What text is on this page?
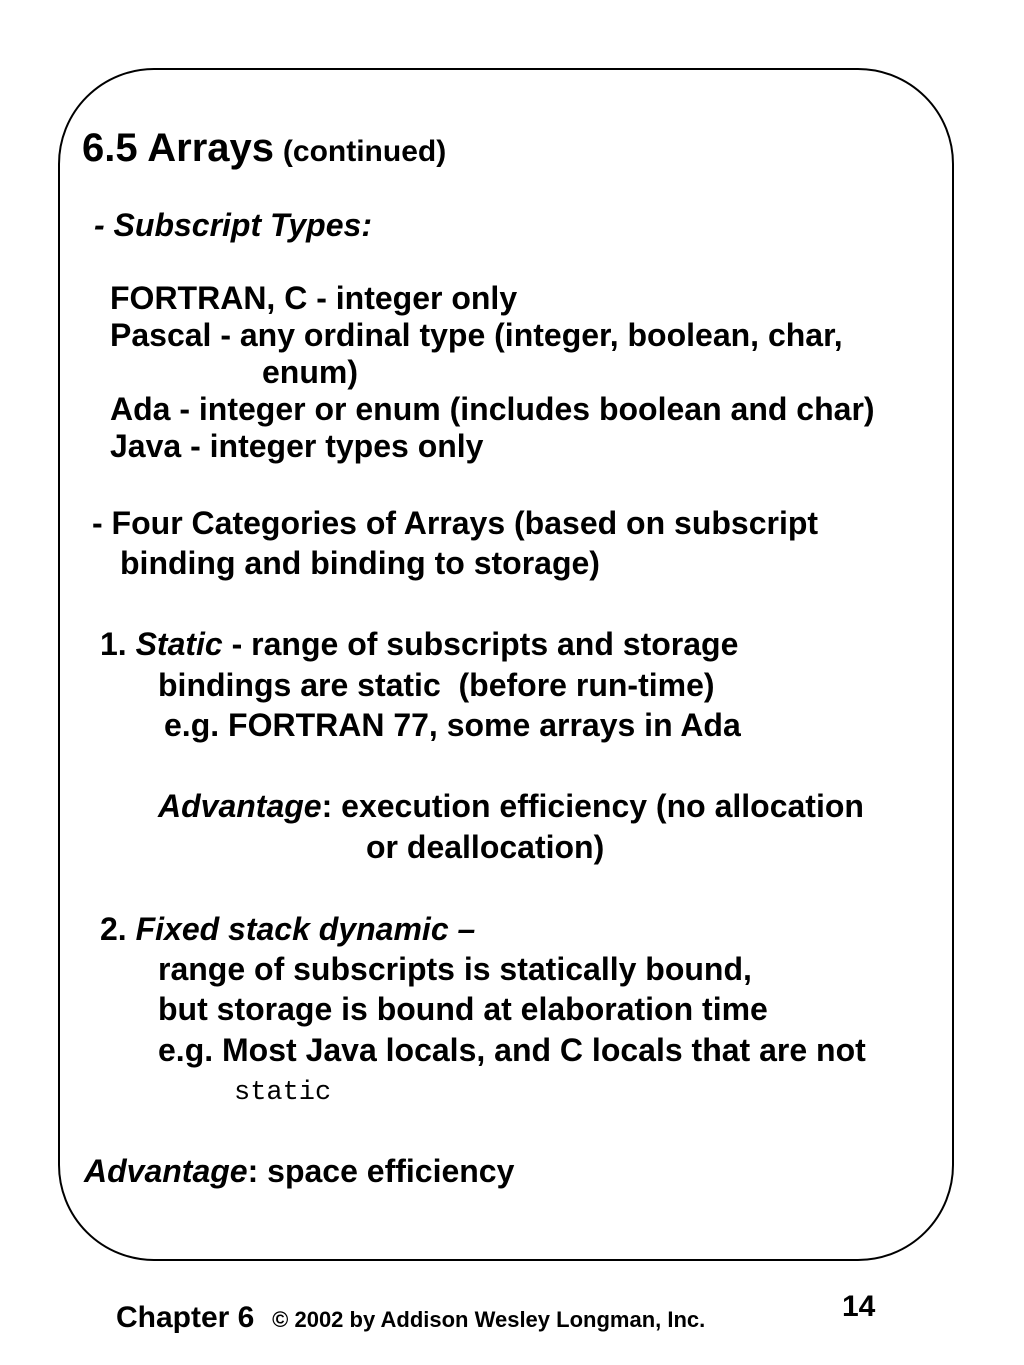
6.5 Arrays (continued)
- Subscript Types:
FORTRAN, C - integer only
Pascal - any ordinal type (integer, boolean, char,
enum)
Ada - integer or enum (includes boolean and char)
Java - integer types only
- Four Categories of Arrays (based on subscript
binding and binding to storage)
1. Static - range of subscripts and storage
bindings are static  (before run-time)
e.g. FORTRAN 77, some arrays in Ada
Advantage: execution efficiency (no allocation
or deallocation)
2. Fixed stack dynamic –
range of subscripts is statically bound,
but storage is bound at elaboration time
e.g. Most Java locals, and C locals that are not
static
Advantage: space efficiency
Chapter 6 © 2002 by Addison Wesley Longman, Inc.	14
